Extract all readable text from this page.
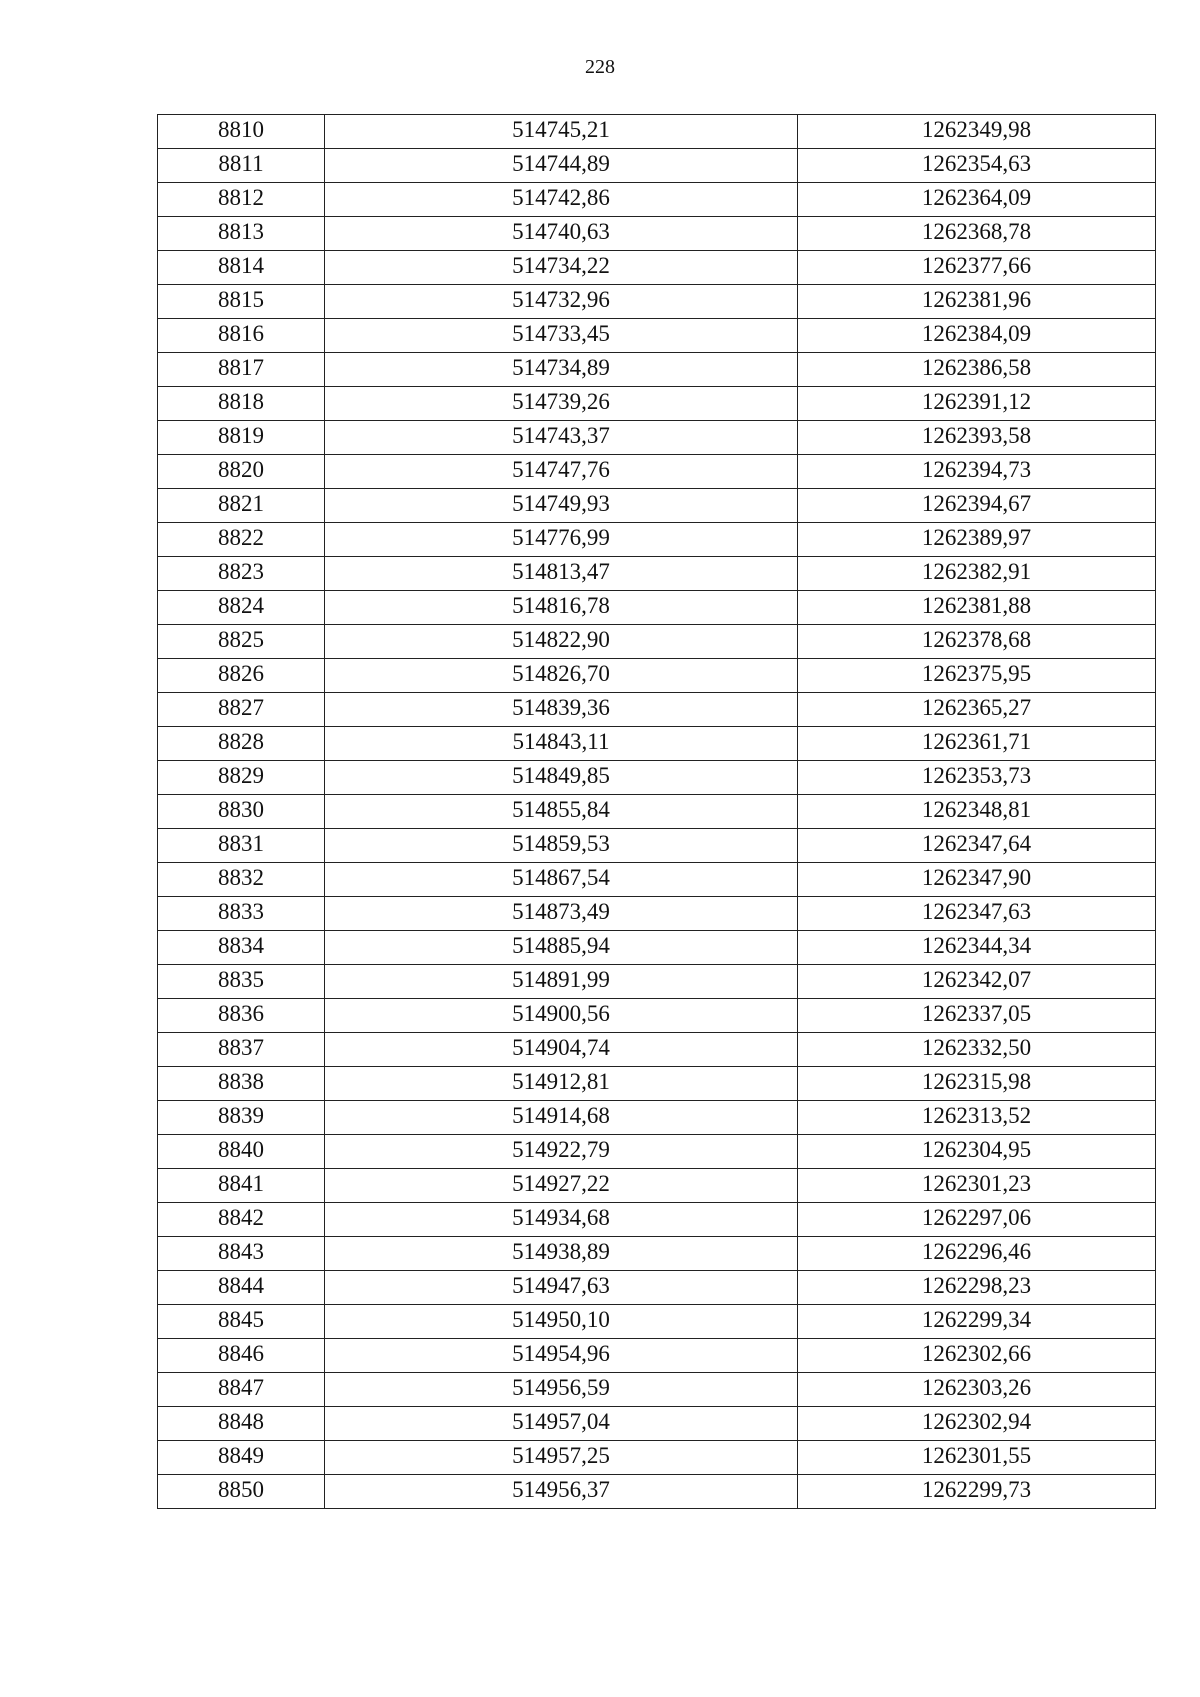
228
8810	514745,21	1262349,98
8811	514744,89	1262354,63
8812	514742,86	1262364,09
8813	514740,63	1262368,78
8814	514734,22	1262377,66
8815	514732,96	1262381,96
8816	514733,45	1262384,09
8817	514734,89	1262386,58
8818	514739,26	1262391,12
8819	514743,37	1262393,58
8820	514747,76	1262394,73
8821	514749,93	1262394,67
8822	514776,99	1262389,97
8823	514813,47	1262382,91
8824	514816,78	1262381,88
8825	514822,90	1262378,68
8826	514826,70	1262375,95
8827	514839,36	1262365,27
8828	514843,11	1262361,71
8829	514849,85	1262353,73
8830	514855,84	1262348,81
8831	514859,53	1262347,64
8832	514867,54	1262347,90
8833	514873,49	1262347,63
8834	514885,94	1262344,34
8835	514891,99	1262342,07
8836	514900,56	1262337,05
8837	514904,74	1262332,50
8838	514912,81	1262315,98
8839	514914,68	1262313,52
8840	514922,79	1262304,95
8841	514927,22	1262301,23
8842	514934,68	1262297,06
8843	514938,89	1262296,46
8844	514947,63	1262298,23
8845	514950,10	1262299,34
8846	514954,96	1262302,66
8847	514956,59	1262303,26
8848	514957,04	1262302,94
8849	514957,25	1262301,55
8850	514956,37	1262299,73
